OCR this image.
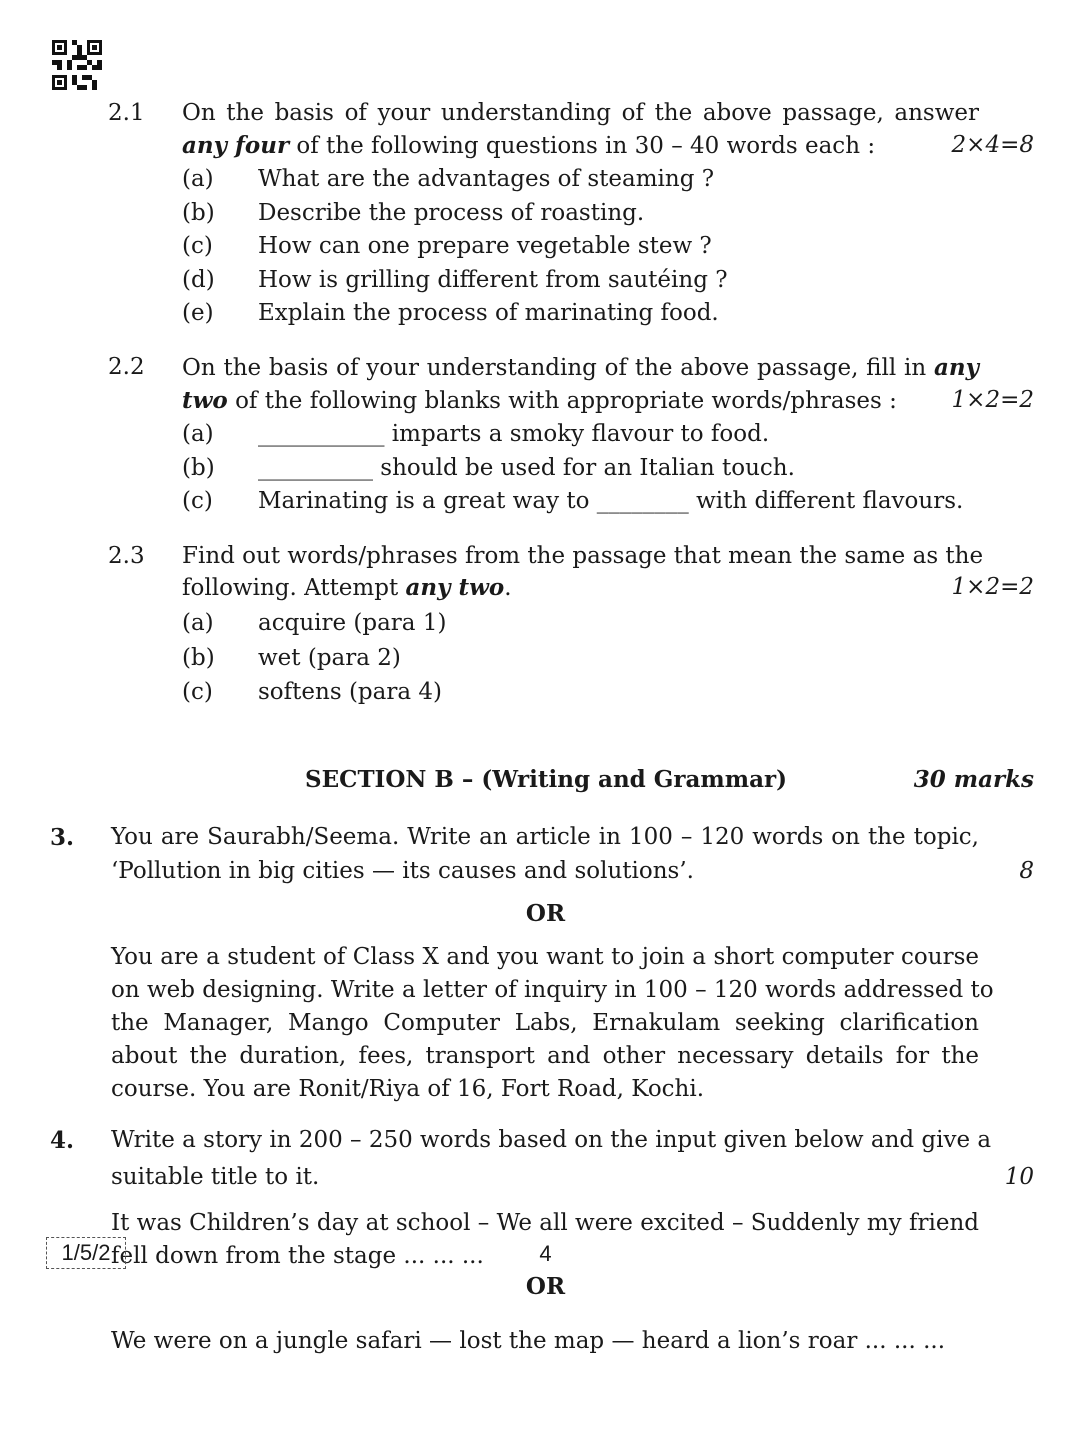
2.1 On the basis of your understanding of the above passage, answer
any four of the following questions in 30 – 40 words each :	2×4=8
(a) What are the advantages of steaming ?
(b) Describe the process of roasting.
(c) How can one prepare vegetable stew ?
(d) How is grilling different from sautéing ?
(e) Explain the process of marinating food.
2.2 On the basis of your understanding of the above passage, fill in any
two of the following blanks with appropriate words/phrases : 1×2=2
(a) ___________ imparts a smoky flavour to food.
(b) __________ should be used for an Italian touch.
(c) Marinating is a great way to ________ with different flavours.
2.3 Find out words/phrases from the passage that mean the same as the
following. Attempt any two.	1×2=2
(a) acquire (para 1)
(b) wet (para 2)
(c) softens (para 4)
SECTION B – (Writing and Grammar)	30 marks
3. You are Saurabh/Seema. Write an article in 100 – 120 words on the topic,
‘Pollution in big cities — its causes and solutions’.	8
OR
You are a student of Class X and you want to join a short computer course
on web designing. Write a letter of inquiry in 100 – 120 words addressed to
the Manager, Mango Computer Labs, Ernakulam seeking clarification
about the duration, fees, transport and other necessary details for the
course. You are Ronit/Riya of 16, Fort Road, Kochi.
4. Write a story in 200 – 250 words based on the input given below and give a
suitable title to it.	10
It was Children’s day at school – We all were excited – Suddenly my friend
fell down from the stage ... ... ...
OR
We were on a jungle safari — lost the map — heard a lion’s roar ... ... ...
1/5/2	4
